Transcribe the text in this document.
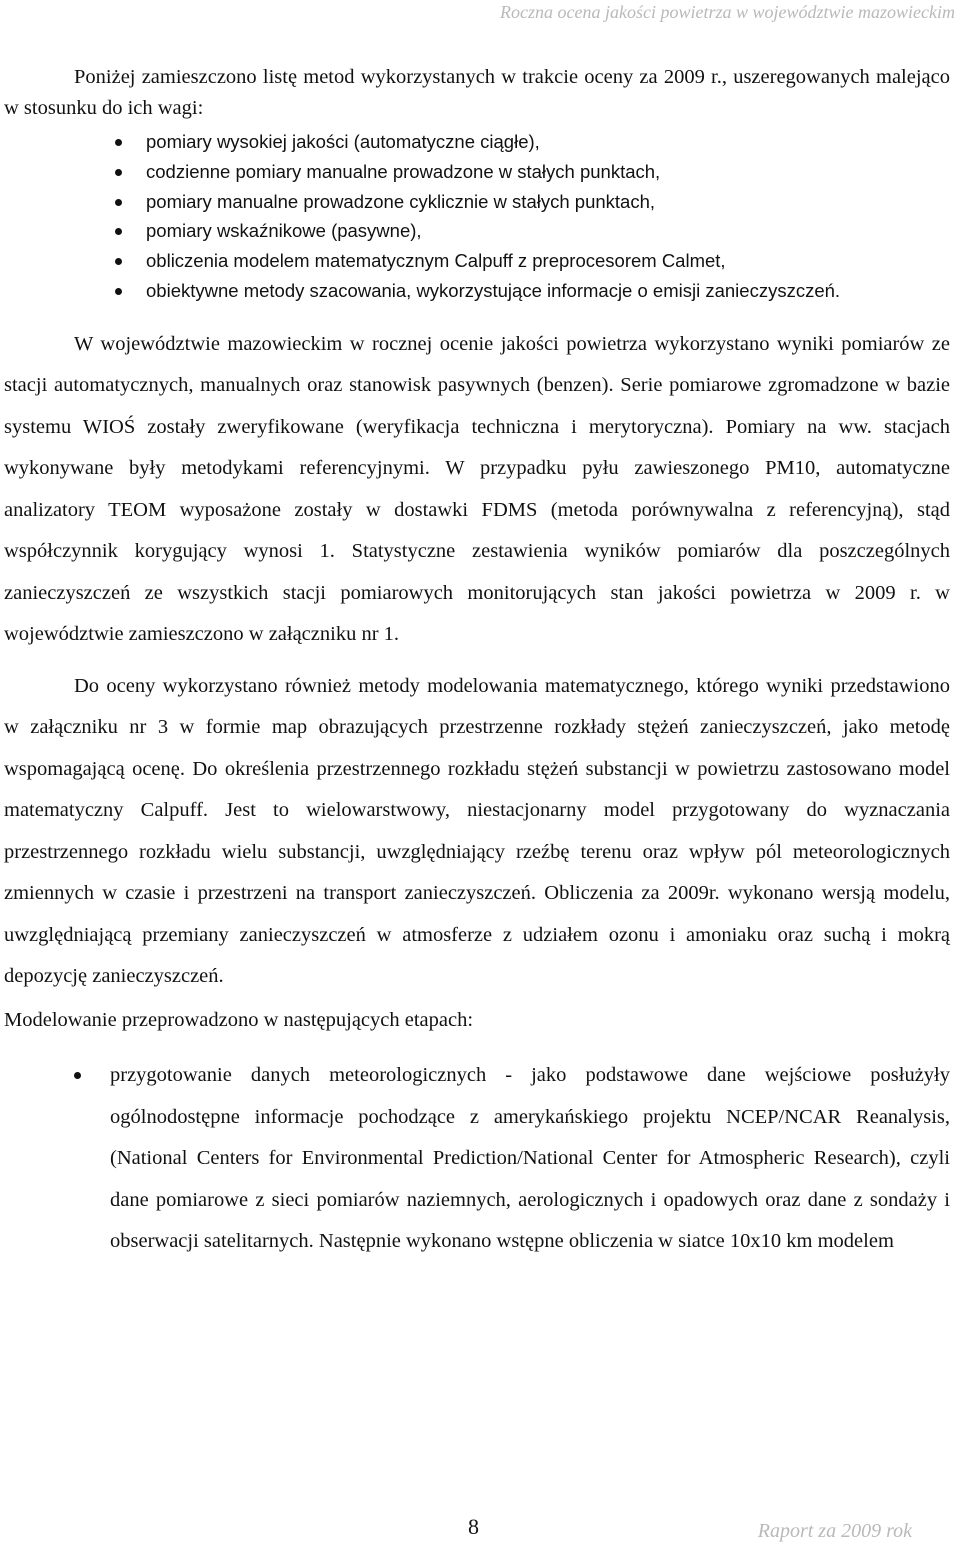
Roczna ocena jakości powietrza w województwie mazowieckim

Poniżej zamieszczono listę metod wykorzystanych w trakcie oceny za 2009 r., uszeregowanych malejąco w stosunku do ich wagi:

pomiary wysokiej jakości (automatyczne ciągłe),
codzienne pomiary manualne prowadzone w stałych punktach,
pomiary manualne prowadzone cyklicznie w stałych punktach,
pomiary wskaźnikowe (pasywne),
obliczenia modelem matematycznym Calpuff z preprocesorem Calmet,
obiektywne metody szacowania, wykorzystujące informacje o emisji zanieczyszczeń.

W województwie mazowieckim w rocznej ocenie jakości powietrza wykorzystano wyniki pomiarów ze stacji automatycznych, manualnych oraz stanowisk pasywnych (benzen). Serie pomiarowe zgromadzone w bazie systemu WIOŚ zostały zweryfikowane (weryfikacja techniczna i merytoryczna). Pomiary na ww. stacjach wykonywane były metodykami referencyjnymi. W przypadku pyłu zawieszonego PM10, automatyczne analizatory TEOM wyposażone zostały w dostawki FDMS (metoda porównywalna z referencyjną), stąd współczynnik korygujący wynosi 1. Statystyczne zestawienia wyników pomiarów dla poszczególnych zanieczyszczeń ze wszystkich stacji pomiarowych monitorujących stan jakości powietrza w 2009 r. w województwie zamieszczono w załączniku nr 1.

Do oceny wykorzystano również metody modelowania matematycznego, którego wyniki przedstawiono w załączniku nr 3 w formie map obrazujących przestrzenne rozkłady stężeń zanieczyszczeń, jako metodę wspomagającą ocenę. Do określenia przestrzennego rozkładu stężeń substancji w powietrzu zastosowano model matematyczny Calpuff. Jest to wielowarstwowy, niestacjonarny model przygotowany do wyznaczania przestrzennego rozkładu wielu substancji, uwzględniający rzeźbę terenu oraz wpływ pól meteorologicznych zmiennych w czasie i przestrzeni na transport zanieczyszczeń. Obliczenia za 2009r. wykonano wersją modelu, uwzględniającą przemiany zanieczyszczeń w atmosferze z udziałem ozonu i amoniaku oraz suchą i mokrą depozycję zanieczyszczeń.

Modelowanie przeprowadzono w następujących etapach:

przygotowanie danych meteorologicznych - jako podstawowe dane wejściowe posłużyły ogólnodostępne informacje pochodzące z amerykańskiego projektu NCEP/NCAR Reanalysis, (National Centers for Environmental Prediction/National Center for Atmospheric Research), czyli dane pomiarowe z sieci pomiarów naziemnych, aerologicznych i opadowych oraz dane z sondaży i obserwacji satelitarnych. Następnie wykonano wstępne obliczenia w siatce 10x10 km modelem
8	Raport za 2009 rok
